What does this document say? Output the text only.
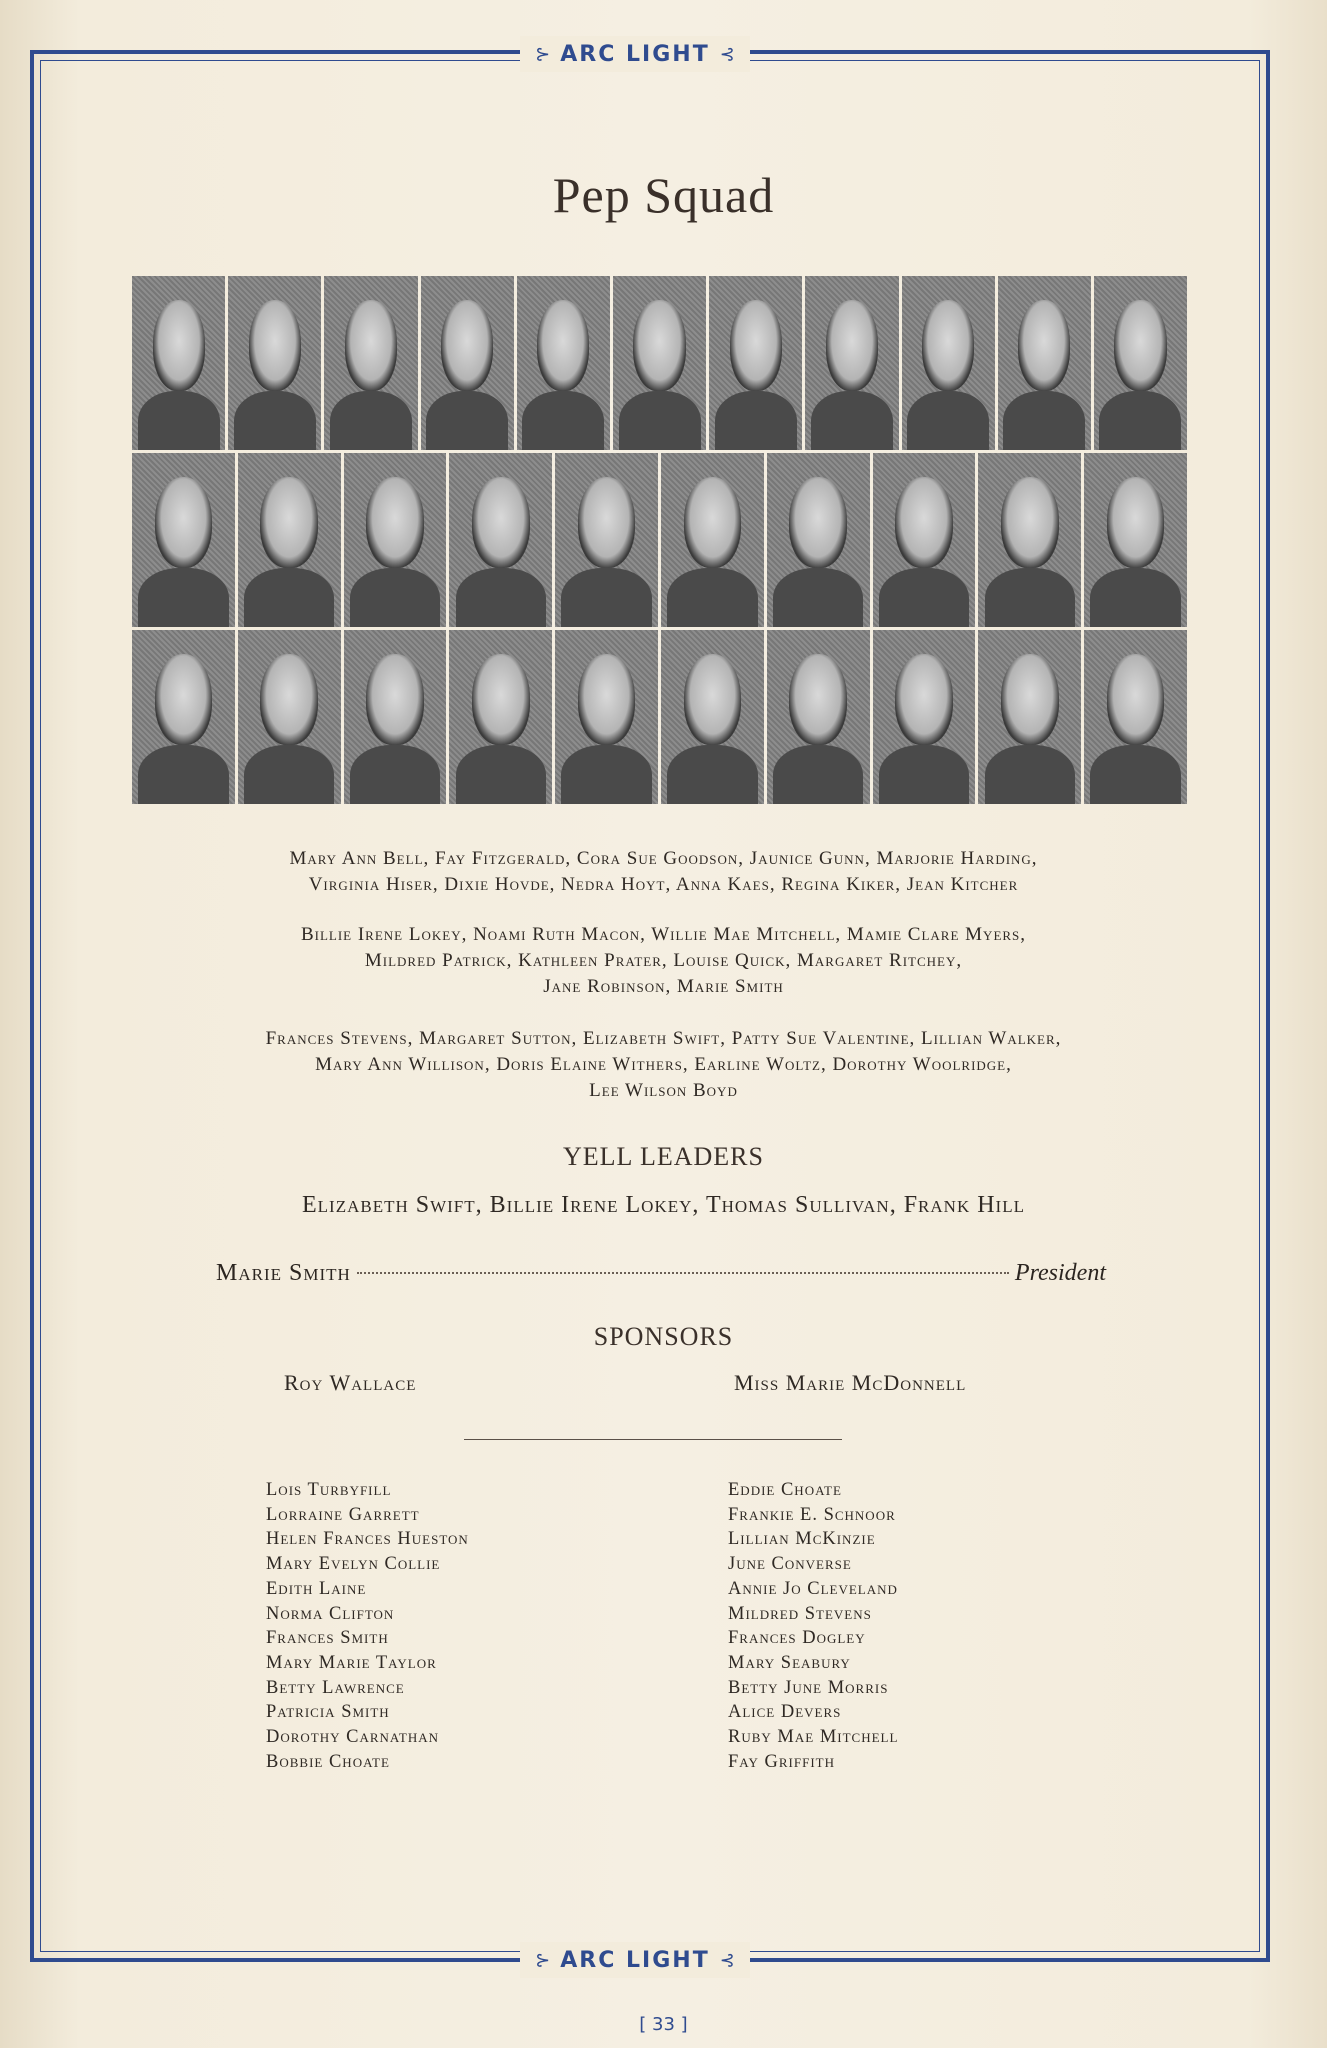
⊱ ARC LIGHT ⊰
Pep Squad

Mary Ann Bell, Fay Fitzgerald, Cora Sue Goodson, Jaunice Gunn, Marjorie Harding,

Virginia Hiser, Dixie Hovde, Nedra Hoyt, Anna Kaes, Regina Kiker, Jean Kitcher

Billie Irene Lokey, Noami Ruth Macon, Willie Mae Mitchell, Mamie Clare Myers,

Mildred Patrick, Kathleen Prater, Louise Quick, Margaret Ritchey,

Jane Robinson, Marie Smith

Frances Stevens, Margaret Sutton, Elizabeth Swift, Patty Sue Valentine, Lillian Walker,

Mary Ann Willison, Doris Elaine Withers, Earline Woltz, Dorothy Woolridge,

Lee Wilson Boyd

YELL LEADERS
Elizabeth Swift, Billie Irene Lokey, Thomas Sullivan, Frank Hill
Marie Smith	President
SPONSORS
Roy Wallace	Miss Marie McDonnell
Lois Turbyfill
Lorraine Garrett
Helen Frances Hueston
Mary Evelyn Collie
Edith Laine
Norma Clifton
Frances Smith
Mary Marie Taylor
Betty Lawrence
Patricia Smith
Dorothy Carnathan
Bobbie Choate
Eddie Choate
Frankie E. Schnoor
Lillian McKinzie
June Converse
Annie Jo Cleveland
Mildred Stevens
Frances Dogley
Mary Seabury
Betty June Morris
Alice Devers
Ruby Mae Mitchell
Fay Griffith
⊱ ARC LIGHT ⊰
[ 33 ]
